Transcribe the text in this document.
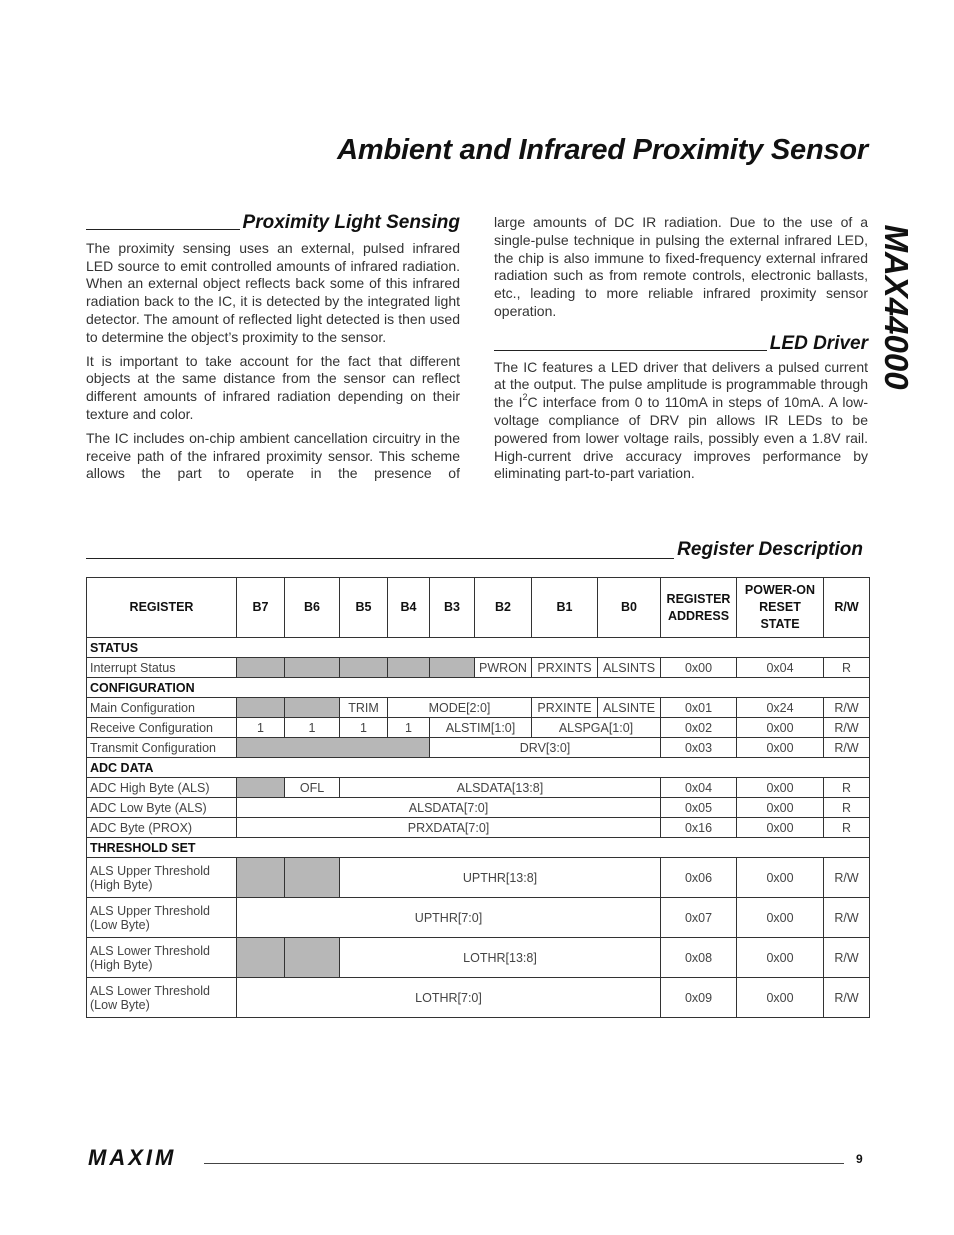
Ambient and Infrared Proximity Sensor
MAX44000
Proximity Light Sensing

The proximity sensing uses an external, pulsed infrared LED source to emit controlled amounts of infrared radiation. When an external object reflects back some of this infrared radiation back to the IC, it is detected by the integrated light detector. The amount of reflected light detected is then used to determine the object’s proximity to the sensor.

It is important to take account for the fact that different objects at the same distance from the sensor can reflect different amounts of infrared radiation depending on their texture and color.

The IC includes on-chip ambient cancellation circuitry in the receive path of the infrared proximity sensor. This scheme allows the part to operate in the presence of

large amounts of DC IR radiation. Due to the use of a single-pulse technique in pulsing the external infrared LED, the chip is also immune to fixed-frequency external infrared radiation such as from remote controls, electronic ballasts, etc., leading to more reliable infrared proximity sensor operation.

LED Driver

The IC features a LED driver that delivers a pulsed current at the output. The pulse amplitude is programmable through the $I^2C$ interface from 0 to 110mA in steps of 10mA. A low-voltage compliance of DRV pin allows IR LEDs to be powered from lower voltage rails, possibly even a 1.8V rail. High-current drive accuracy improves performance by eliminating part-to-part variation.

Register Description
REGISTER	B7	B6	B5	B4	B3	B2	B1	B0	REGISTER ADDRESS	POWER-ON RESET STATE	R/W
STATUS											
Interrupt Status						PWRON	PRXINTS	ALSINTS	0x00	0x04	R
CONFIGURATION											
Main Configuration			TRIM	MODE[2:0]			PRXINTE	ALSINTE	0x01	0x24	R/W
Receive Configuration	1	1	1	1	ALSTIM[1:0]		ALSPGA[1:0]		0x02	0x00	R/W
Transmit Configuration					DRV[3:0]				0x03	0x00	R/W
ADC DATA											
ADC High Byte (ALS)		OFL	ALSDATA[13:8]						0x04	0x00	R
ADC Low Byte (ALS)	ALSDATA[7:0]								0x05	0x00	R
ADC Byte (PROX)	PRXDATA[7:0]								0x16	0x00	R
THRESHOLD SET											
ALS Upper Threshold (High Byte)			UPTHR[13:8]						0x06	0x00	R/W
ALS Upper Threshold (Low Byte)	UPTHR[7:0]								0x07	0x00	R/W
ALS Lower Threshold (High Byte)			LOTHR[13:8]						0x08	0x00	R/W
ALS Lower Threshold (Low Byte)	LOTHR[7:0]								0x09	0x00	R/W
MAXIM	9
